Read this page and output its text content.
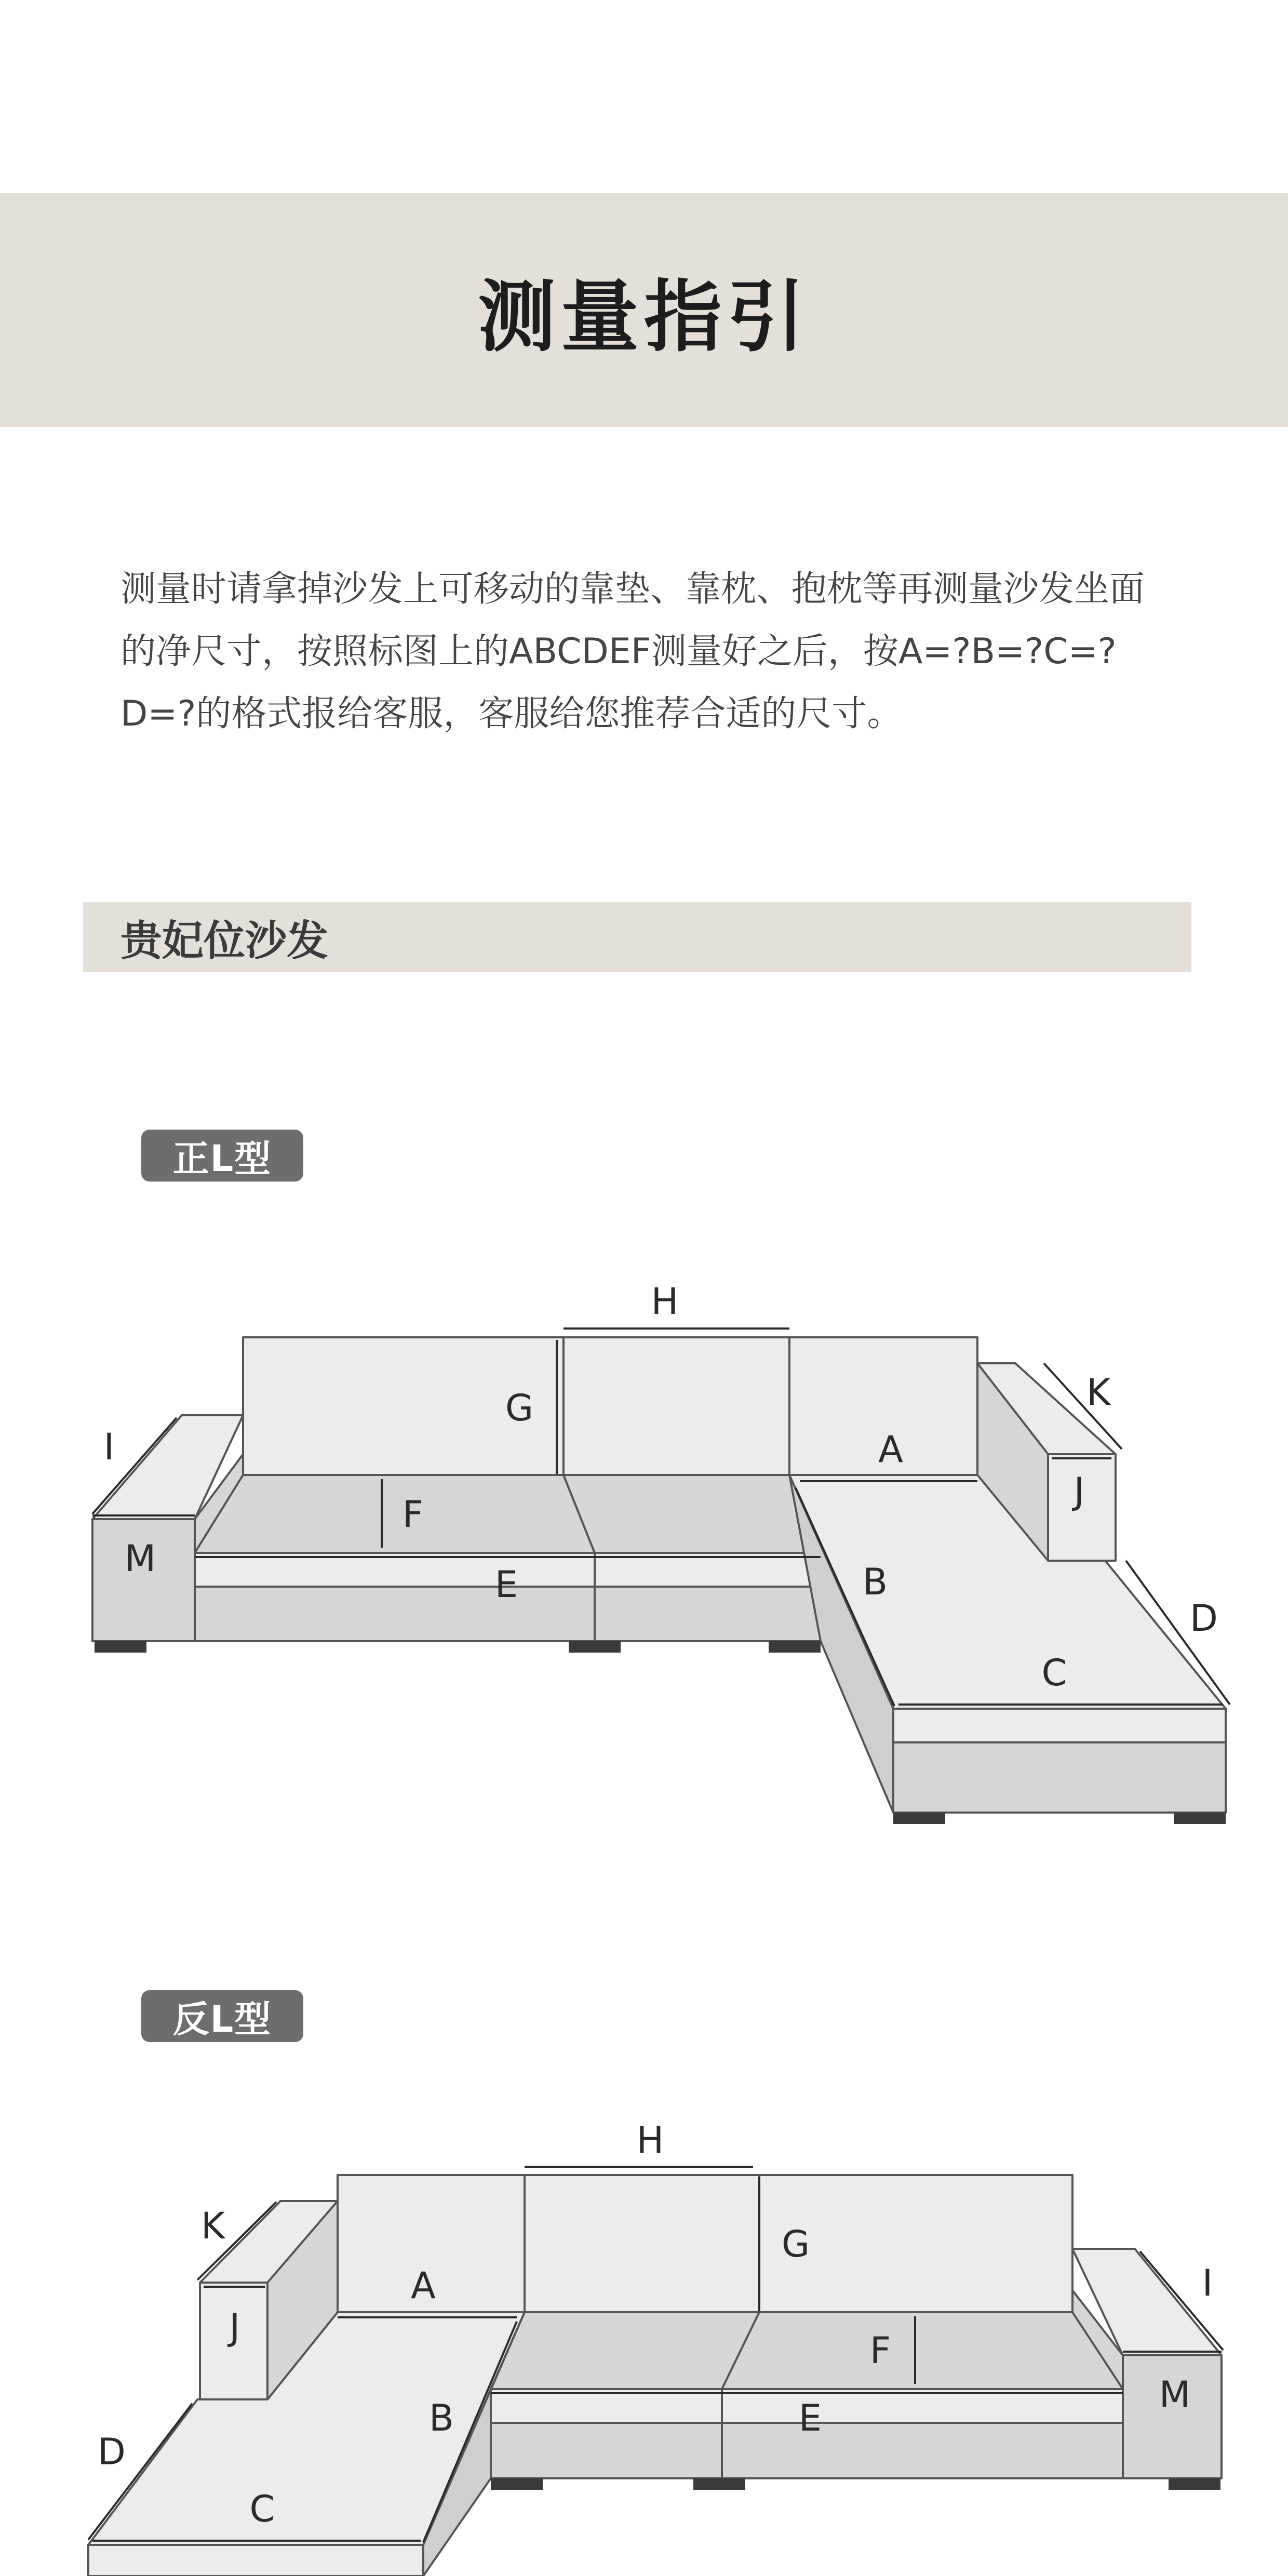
测量指引

测量时请拿掉沙发上可移动的靠垫、靠枕、抱枕等再测量沙发坐面的净尺寸，按照标图上的ABCDEF测量好之后，按A=?B=?C=?D=?的格式报给客服，客服给您推荐合适的尺寸。

贵妃位沙发
正L型
H
G
F
E
M
I	A
B
C
D
J
K
反L型
H
G
F
E
M
I
A
B
C
D
J
K
